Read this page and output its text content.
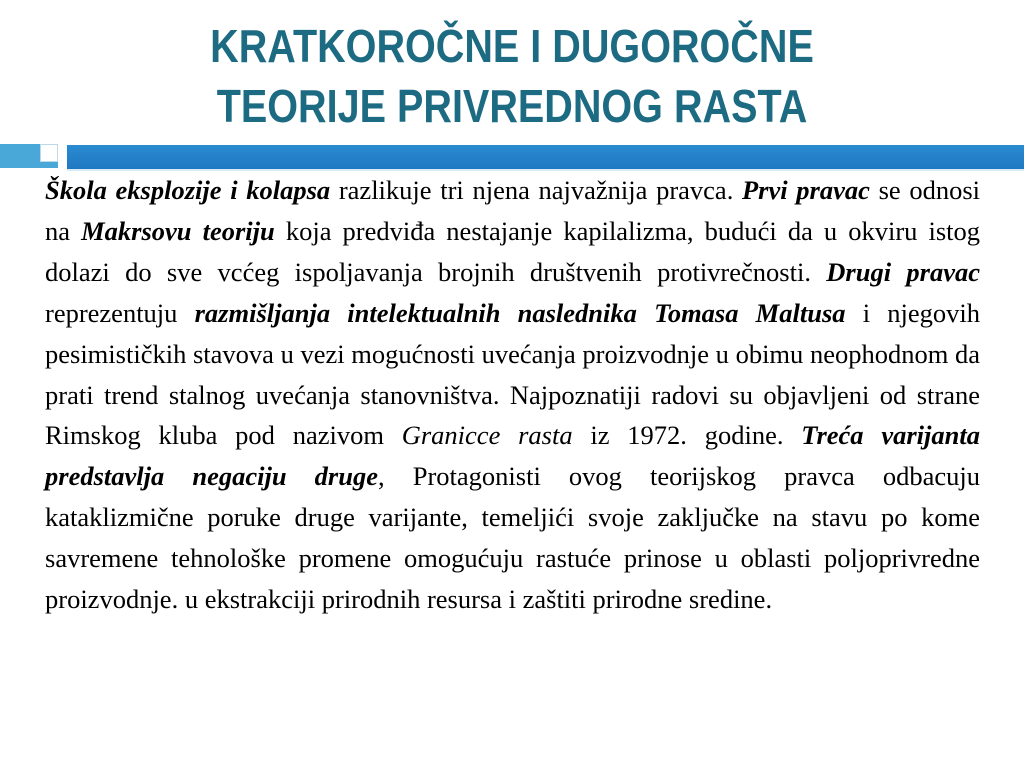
KRATKOROČNE I DUGOROČNE
TEORIJE PRIVREDNOG RASTA

Škola eksplozije i kolapsa razlikuje tri njena najvažnija pravca. Prvi pravac se odnosi na Makrsovu teoriju koja predviđa nestajanje kapilalizma, budući da u okviru istog dolazi do sve vcćeg ispoljavanja brojnih društvenih protivrečnosti. Drugi pravac reprezentuju razmišljanja intelektualnih naslednika Tomasa Maltusa i njegovih pesimističkih stavova u vezi mogućnosti uvećanja proizvodnje u obimu neophodnom da prati trend stalnog uvećanja stanovništva. Najpoznatiji radovi su objavljeni od strane Rimskog kluba pod nazivom Granicce rasta iz 1972. godine. Treća varijanta predstavlja negaciju druge, Protagonisti ovog teorijskog pravca odbacuju kataklizmične poruke druge varijante, temeljići svoje zaključke na stavu po kome savremene tehnološke promene omogućuju rastuće prinose u oblasti poljoprivredne proizvodnje. u ekstrakciji prirodnih resursa i zaštiti prirodne sredine.
